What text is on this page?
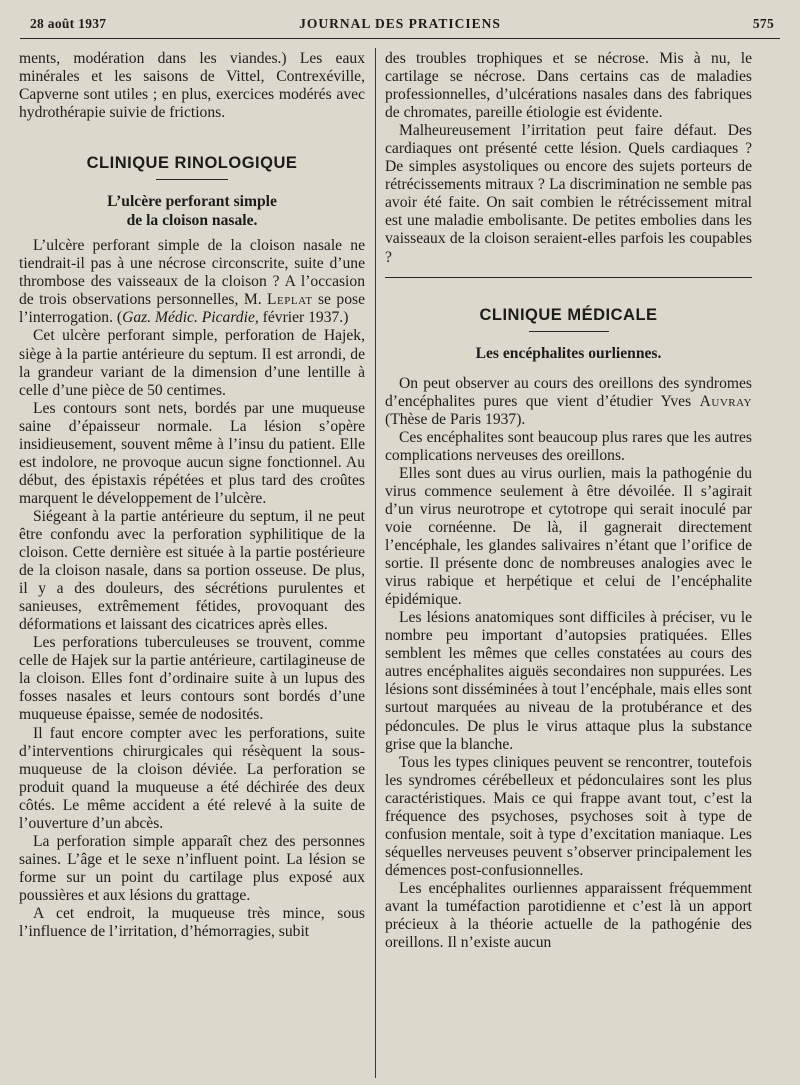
28 août 1937	JOURNAL DES PRATICIENS	575

ments, modération dans les viandes.) Les eaux minérales et les saisons de Vittel, Contrexéville, Capverne sont utiles ; en plus, exercices modérés avec hydrothérapie suivie de frictions.

CLINIQUE RINOLOGIQUE

L’ulcère perforant simple

de la cloison nasale.

L’ulcère perforant simple de la cloison nasale ne tiendrait-il pas à une nécrose circonscrite, suite d’une thrombose des vaisseaux de la cloison ? A l’occasion de trois observations personnelles, M. Leplat se pose l’interrogation. (Gaz. Médic. Picardie, février 1937.)

Cet ulcère perforant simple, perforation de Hajek, siège à la partie antérieure du septum. Il est arrondi, de la grandeur variant de la dimension d’une lentille à celle d’une pièce de 50 centimes.

Les contours sont nets, bordés par une muqueuse saine d’épaisseur normale. La lésion s’opère insidieusement, souvent même à l’insu du patient. Elle est indolore, ne provoque aucun signe fonctionnel. Au début, des épistaxis répétées et plus tard des croûtes marquent le développement de l’ulcère.

Siégeant à la partie antérieure du septum, il ne peut être confondu avec la perforation syphilitique de la cloison. Cette dernière est située à la partie postérieure de la cloison nasale, dans sa portion osseuse. De plus, il y a des douleurs, des sécrétions purulentes et sanieuses, extrêmement fétides, provoquant des déformations et laissant des cicatrices après elles.

Les perforations tuberculeuses se trouvent, comme celle de Hajek sur la partie antérieure, cartilagineuse de la cloison. Elles font d’ordinaire suite à un lupus des fosses nasales et leurs contours sont bordés d’une muqueuse épaisse, semée de nodosités.

Il faut encore compter avec les perforations, suite d’interventions chirurgicales qui résèquent la sous-muqueuse de la cloison déviée. La perforation se produit quand la muqueuse a été déchirée des deux côtés. Le même accident a été relevé à la suite de l’ouverture d’un abcès.

La perforation simple apparaît chez des personnes saines. L’âge et le sexe n’influent point. La lésion se forme sur un point du cartilage plus exposé aux poussières et aux lésions du grattage.

A cet endroit, la muqueuse très mince, sous l’influence de l’irritation, d’hémorragies, subit

des troubles trophiques et se nécrose. Mis à nu, le cartilage se nécrose. Dans certains cas de maladies professionnelles, d’ulcérations nasales dans des fabriques de chromates, pareille étiologie est évidente.

Malheureusement l’irritation peut faire défaut. Des cardiaques ont présenté cette lésion. Quels cardiaques ? De simples asystoliques ou encore des sujets porteurs de rétrécissements mitraux ? La discrimination ne semble pas avoir été faite. On sait combien le rétrécissement mitral est une maladie embolisante. De petites embolies dans les vaisseaux de la cloison seraient-elles parfois les coupables ?

CLINIQUE MÉDICALE

Les encéphalites ourliennes.

On peut observer au cours des oreillons des syndromes d’encéphalites pures que vient d’étudier Yves Auvray (Thèse de Paris 1937).

Ces encéphalites sont beaucoup plus rares que les autres complications nerveuses des oreillons.

Elles sont dues au virus ourlien, mais la pathogénie du virus commence seulement à être dévoilée. Il s’agirait d’un virus neurotrope et cytotrope qui serait inoculé par voie cornéenne. De là, il gagnerait directement l’encéphale, les glandes salivaires n’étant que l’orifice de sortie. Il présente donc de nombreuses analogies avec le virus rabique et herpétique et celui de l’encéphalite épidémique.

Les lésions anatomiques sont difficiles à préciser, vu le nombre peu important d’autopsies pratiquées. Elles semblent les mêmes que celles constatées au cours des autres encéphalites aiguës secondaires non suppurées. Les lésions sont disséminées à tout l’encéphale, mais elles sont surtout marquées au niveau de la protubérance et des pédoncules. De plus le virus attaque plus la substance grise que la blanche.

Tous les types cliniques peuvent se rencontrer, toutefois les syndromes cérébelleux et pédonculaires sont les plus caractéristiques. Mais ce qui frappe avant tout, c’est la fréquence des psychoses, psychoses soit à type de confusion mentale, soit à type d’excitation maniaque. Les séquelles nerveuses peuvent s’observer principalement les démences post-confusionnelles.

Les encéphalites ourliennes apparaissent fréquemment avant la tuméfaction parotidienne et c’est là un apport précieux à la théorie actuelle de la pathogénie des oreillons. Il n’existe aucun
